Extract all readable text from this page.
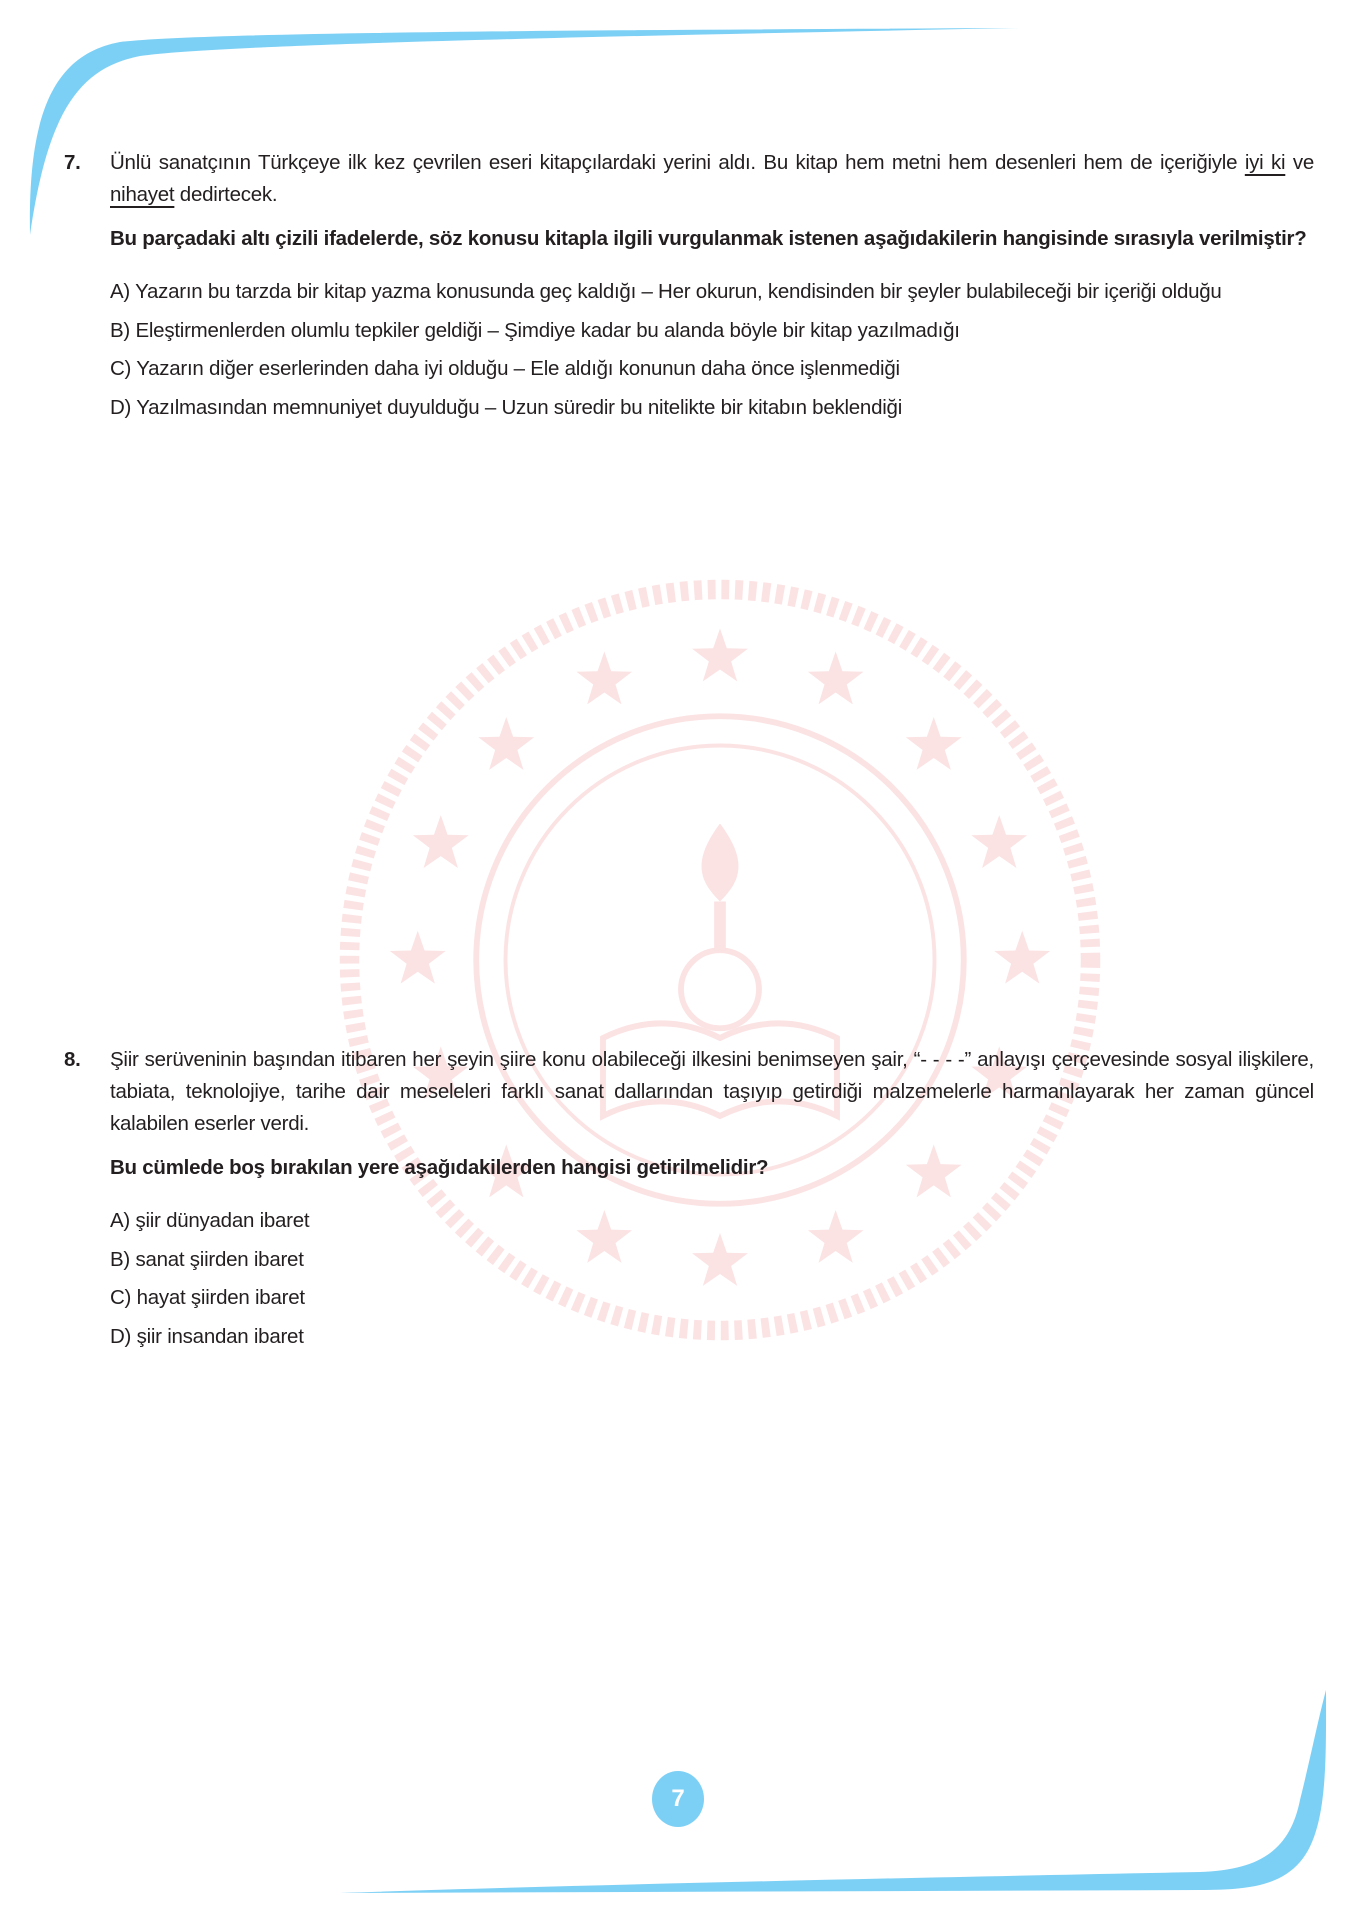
7. Ünlü sanatçının Türkçeye ilk kez çevrilen eseri kitapçılardaki yerini aldı. Bu kitap hem metni hem desenleri hem de içeriğiyle iyi ki ve nihayet dedirtecek.
Bu parçadaki altı çizili ifadelerde, söz konusu kitapla ilgili vurgulanmak istenen aşağıdakilerin hangisinde sırasıyla verilmiştir?
A) Yazarın bu tarzda bir kitap yazma konusunda geç kaldığı – Her okurun, kendisinden bir şeyler bulabileceği bir içeriği olduğu
B) Eleştirmenlerden olumlu tepkiler geldiği – Şimdiye kadar bu alanda böyle bir kitap yazılmadığı
C) Yazarın diğer eserlerinden daha iyi olduğu – Ele aldığı konunun daha önce işlenmediği
D) Yazılmasından memnuniyet duyulduğu – Uzun süredir bu nitelikte bir kitabın beklendiği
8. Şiir serüveninin başından itibaren her şeyin şiire konu olabileceği ilkesini benimseyen şair, “- - - -” anlayışı çerçevesinde sosyal ilişkilere, tabiata, teknolojiye, tarihe dair meseleleri farklı sanat dallarından taşıyıp getirdiği malzemelerle harmanlayarak her zaman güncel kalabilen eserler verdi.
Bu cümlede boş bırakılan yere aşağıdakilerden hangisi getirilmelidir?
A) şiir dünyadan ibaret
B) sanat şiirden ibaret
C) hayat şiirden ibaret
D) şiir insandan ibaret
7
